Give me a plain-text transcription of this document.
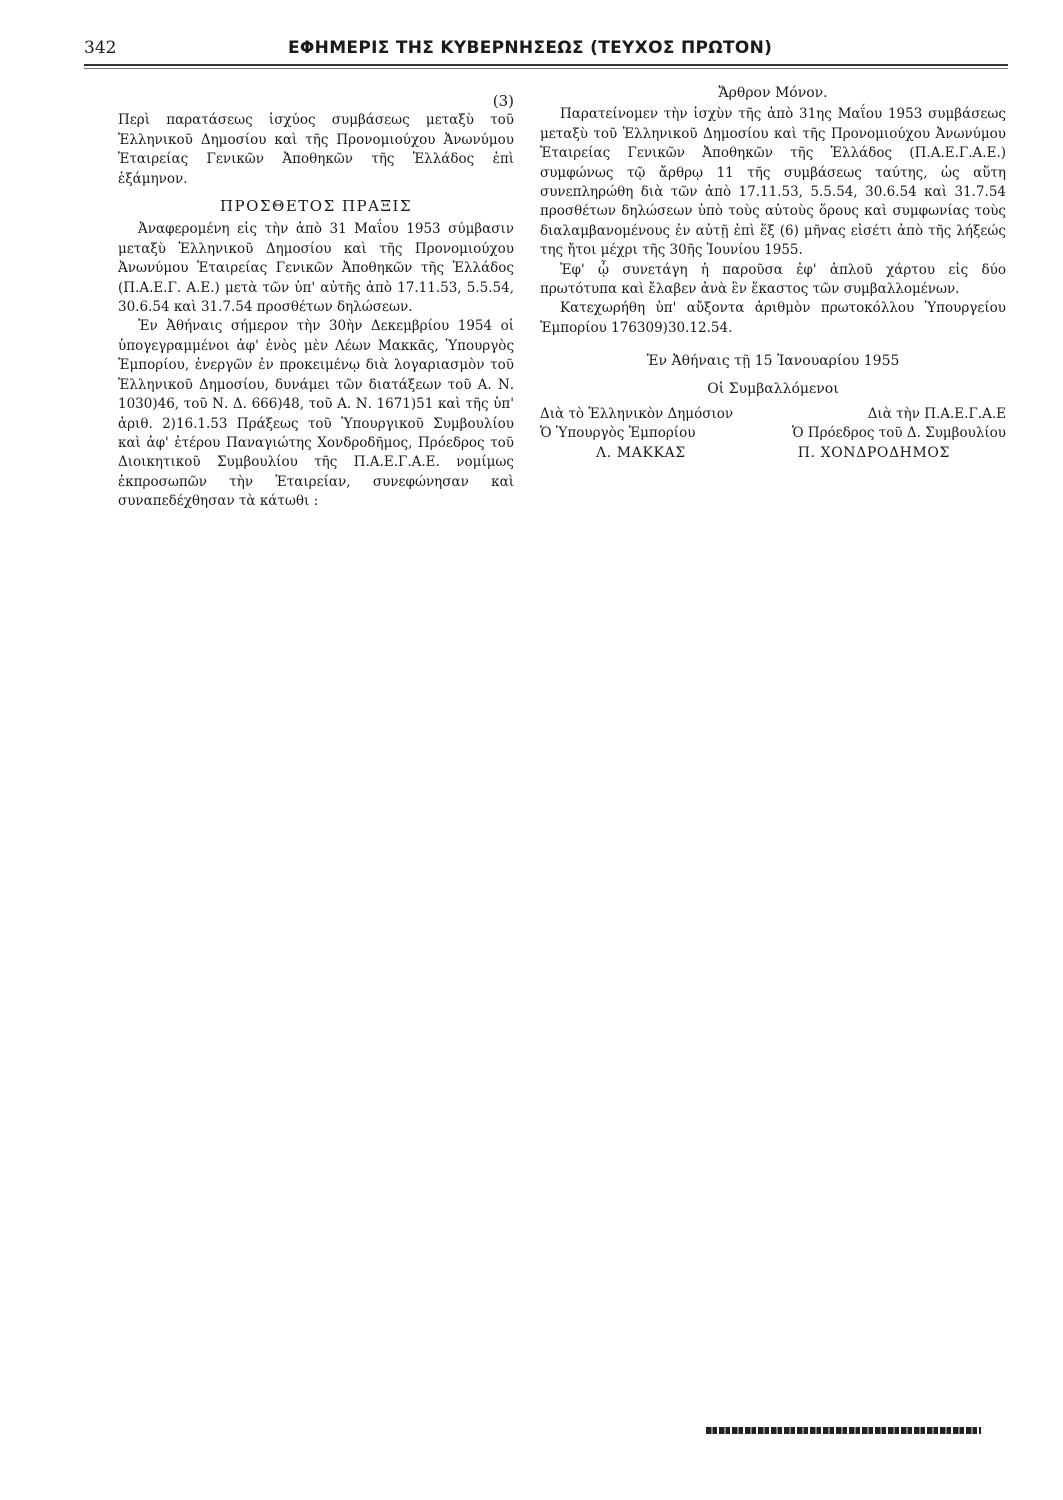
342	ΕΦΗΜΕΡΙΣ ΤΗΣ ΚΥΒΕΡΝΗΣΕΩΣ (ΤΕΥΧΟΣ ΠΡΩΤΟΝ)

(3)

Περὶ παρατάσεως ἰσχύος συμβάσεως μεταξὺ τοῦ Ἑλληνικοῦ Δημοσίου καὶ τῆς Προνομιούχου Ἀνωνύμου Ἑταιρείας Γενικῶν Ἀποθηκῶν τῆς Ἑλλάδος ἐπὶ ἑξάμηνον.

ΠΡΟΣΘΕΤΟΣ ΠΡΑΞΙΣ

Ἀναφερομένη εἰς τὴν ἀπὸ 31 Μαΐου 1953 σύμβασιν μεταξὺ Ἑλληνικοῦ Δημοσίου καὶ τῆς Προνομιούχου Ἀνωνύμου Ἑταιρείας Γενικῶν Ἀποθηκῶν τῆς Ἑλλάδος (Π.Α.Ε.Γ. Α.Ε.) μετὰ τῶν ὑπ' αὐτῆς ἀπὸ 17.11.53, 5.5.54, 30.6.54 καὶ 31.7.54 προσθέτων δηλώσεων.

Ἐν Ἀθήναις σήμερον τὴν 30ὴν Δεκεμβρίου 1954 οἱ ὑπογεγραμμένοι ἀφ' ἑνὸς μὲν Λέων Μακκᾶς, Ὑπουργὸς Ἐμπορίου, ἐνεργῶν ἐν προκειμένῳ διὰ λογαριασμὸν τοῦ Ἑλληνικοῦ Δημοσίου, δυνάμει τῶν διατάξεων τοῦ Α. Ν. 1030)46, τοῦ Ν. Δ. 666)48, τοῦ Α. Ν. 1671)51 καὶ τῆς ὑπ' ἀριθ. 2)16.1.53 Πράξεως τοῦ Ὑπουργικοῦ Συμβουλίου καὶ ἀφ' ἑτέρου Παναγιώτης Χονδροδῆμος, Πρόεδρος τοῦ Διοικητικοῦ Συμβουλίου τῆς Π.Α.Ε.Γ.Α.Ε. νομίμως ἐκπροσωπῶν τὴν Ἑταιρείαν, συνεφώνησαν καὶ συναπεδέχθησαν τὰ κάτωθι :

Ἄρθρον Μόνον.

Παρατείνομεν τὴν ἰσχὺν τῆς ἀπὸ 31ης Μαΐου 1953 συμβάσεως μεταξὺ τοῦ Ἑλληνικοῦ Δημοσίου καὶ τῆς Προνομιούχου Ἀνωνύμου Ἑταιρείας Γενικῶν Ἀποθηκῶν τῆς Ἑλλάδος (Π.Α.Ε.Γ.Α.Ε.) συμφώνως τῷ ἄρθρῳ 11 τῆς συμβάσεως ταύτης, ὡς αὕτη συνεπληρώθη διὰ τῶν ἀπὸ 17.11.53, 5.5.54, 30.6.54 καὶ 31.7.54 προσθέτων δηλώσεων ὑπὸ τοὺς αὐτοὺς ὅρους καὶ συμφωνίας τοὺς διαλαμβανομένους ἐν αὐτῇ ἐπὶ ἕξ (6) μῆνας εἰσέτι ἀπὸ τῆς λήξεώς της ἤτοι μέχρι τῆς 30ῆς Ἰουνίου 1955.

Ἐφ' ᾧ συνετάγη ἡ παροῦσα ἐφ' ἁπλοῦ χάρτου εἰς δύο πρωτότυπα καὶ ἔλαβεν ἀνὰ ἓν ἕκαστος τῶν συμβαλλομένων.

Κατεχωρήθη ὑπ' αὔξοντα ἀριθμὸν πρωτοκόλλου Ὑπουργείου Ἐμπορίου 176309)30.12.54.

Ἐν Ἀθήναις τῇ 15 Ἰανουαρίου 1955

Οἱ Συμβαλλόμενοι

Διὰ τὸ Ἑλληνικὸν Δημόσιον	Διὰ τὴν Π.Α.Ε.Γ.Α.Ε
Ὁ Ὑπουργὸς Ἐμπορίου	Ὁ Πρόεδρος τοῦ Δ. Συμβουλίου
Λ. ΜΑΚΚΑΣ	Π. ΧΟΝΔΡΟΔΗΜΟΣ
